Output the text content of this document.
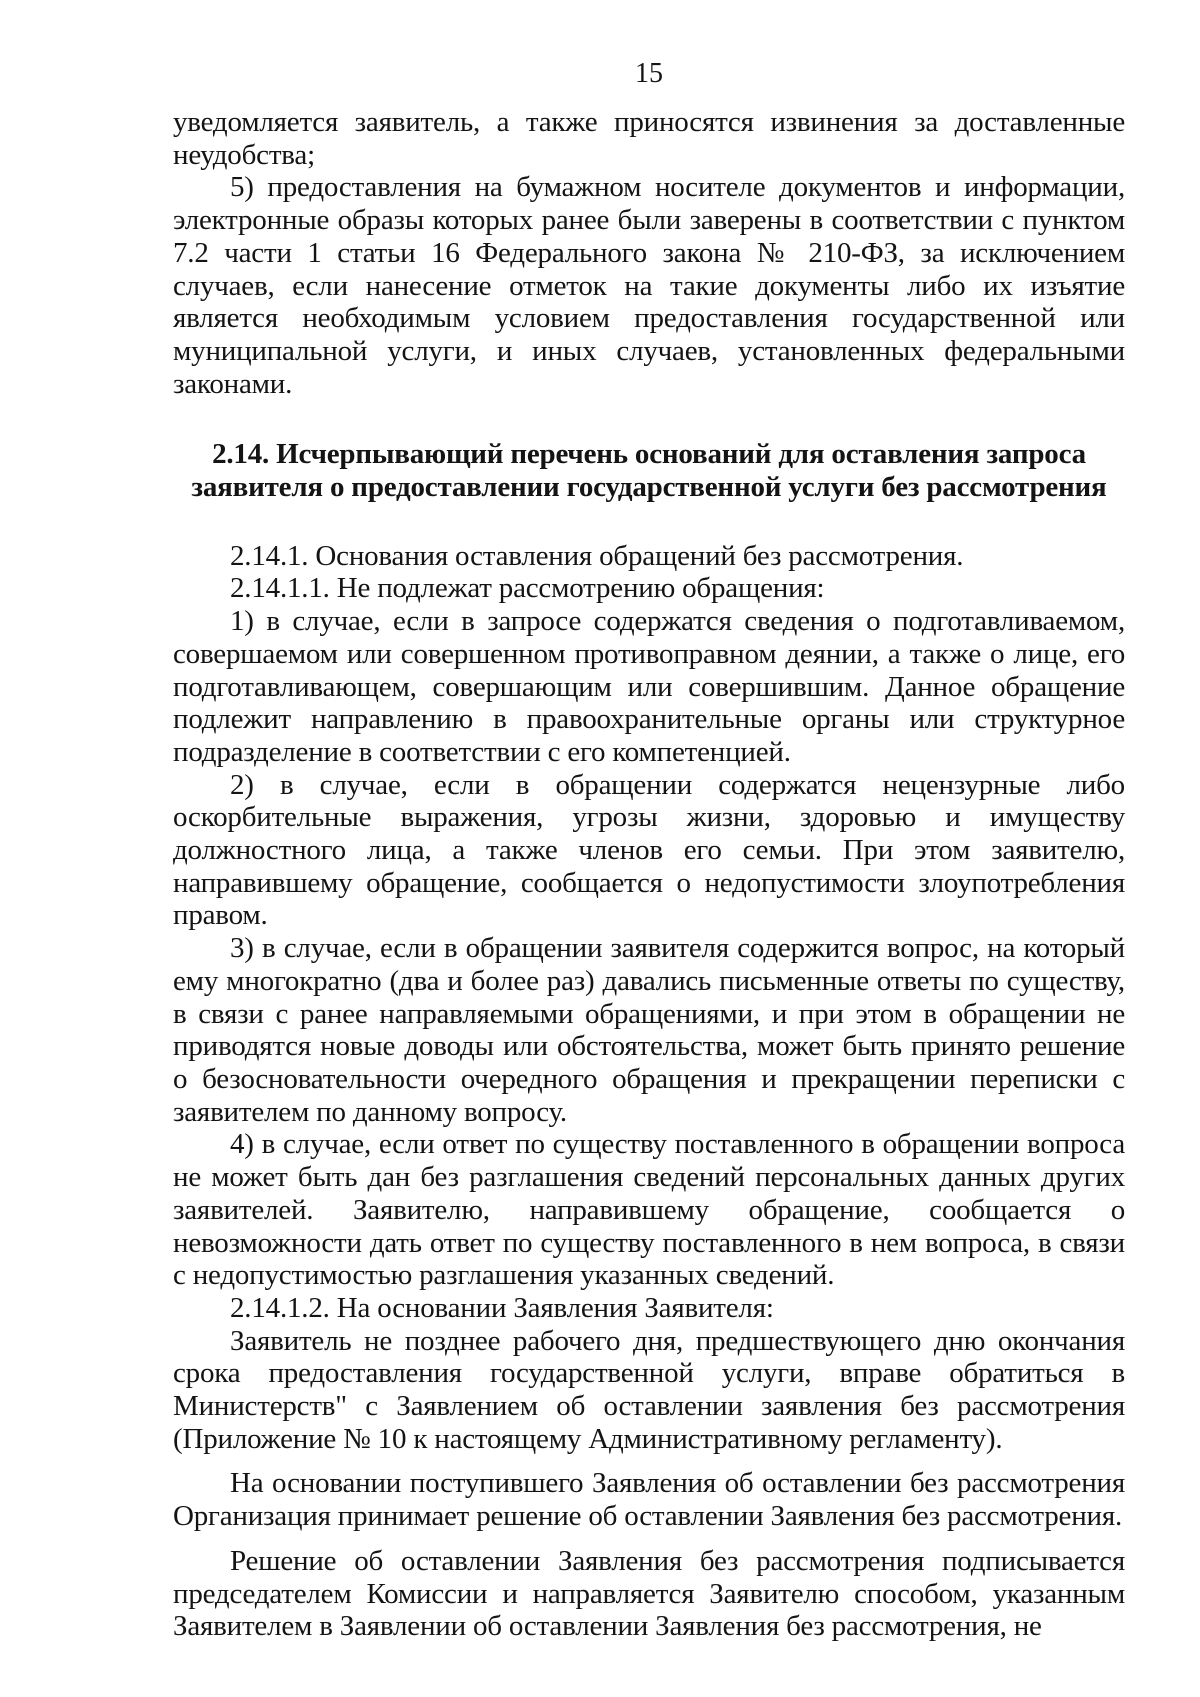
15

уведомляется заявитель, а также приносятся извинения за доставленные неудобства;

5) предоставления на бумажном носителе документов и информации, электронные образы которых ранее были заверены в соответствии с пунктом 7.2 части 1 статьи 16 Федерального закона № 210-ФЗ, за исключением случаев, если нанесение отметок на такие документы либо их изъятие является необходимым условием предоставления государственной или муниципальной услуги, и иных случаев, установленных федеральными законами.

2.14. Исчерпывающий перечень оснований для оставления запроса заявителя о предоставлении государственной услуги без рассмотрения

2.14.1. Основания оставления обращений без рассмотрения.

2.14.1.1. Не подлежат рассмотрению обращения:

1) в случае, если в запросе содержатся сведения о подготавливаемом, совершаемом или совершенном противоправном деянии, а также о лице, его подготавливающем, совершающим или совершившим. Данное обращение подлежит направлению в правоохранительные органы или структурное подразделение в соответствии с его компетенцией.

2) в случае, если в обращении содержатся нецензурные либо оскорбительные выражения, угрозы жизни, здоровью и имуществу должностного лица, а также членов его семьи. При этом заявителю, направившему обращение, сообщается о недопустимости злоупотребления правом.

3) в случае, если в обращении заявителя содержится вопрос, на который ему многократно (два и более раз) давались письменные ответы по существу, в связи с ранее направляемыми обращениями, и при этом в обращении не приводятся новые доводы или обстоятельства, может быть принято решение о безосновательности очередного обращения и прекращении переписки с заявителем по данному вопросу.

4) в случае, если ответ по существу поставленного в обращении вопроса не может быть дан без разглашения сведений персональных данных других заявителей. Заявителю, направившему обращение, сообщается о невозможности дать ответ по существу поставленного в нем вопроса, в связи с недопустимостью разглашения указанных сведений.

2.14.1.2. На основании Заявления Заявителя:

Заявитель не позднее рабочего дня, предшествующего дню окончания срока предоставления государственной услуги, вправе обратиться в Министерств" с Заявлением об оставлении заявления без рассмотрения (Приложение № 10 к настоящему Административному регламенту).

На основании поступившего Заявления об оставлении без рассмотрения Организация принимает решение об оставлении Заявления без рассмотрения.

Решение об оставлении Заявления без рассмотрения подписывается председателем Комиссии и направляется Заявителю способом, указанным Заявителем в Заявлении об оставлении Заявления без рассмотрения, не
